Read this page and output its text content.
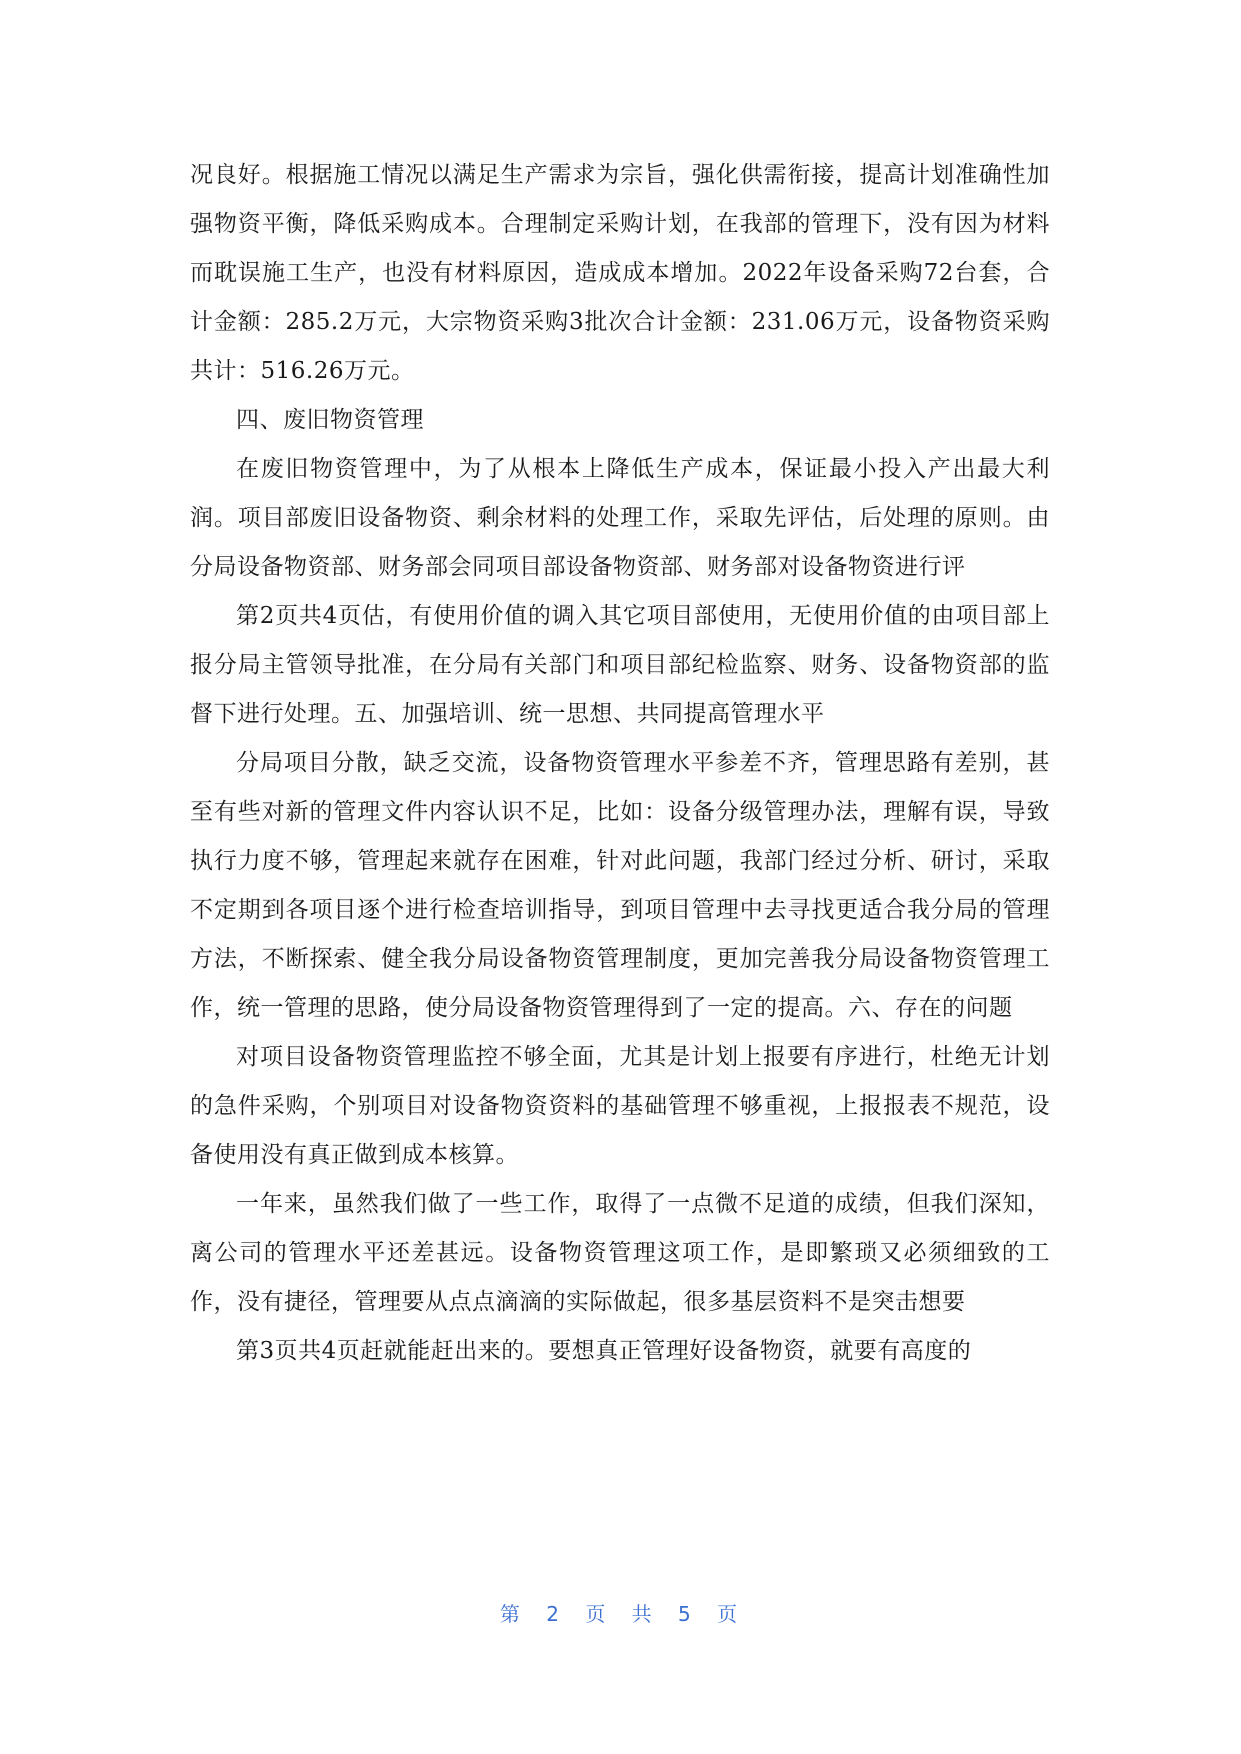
况良好。根据施工情况以满足生产需求为宗旨，强化供需衔接，提高计划准确性加强物资平衡，降低采购成本。合理制定采购计划，在我部的管理下，没有因为材料而耽误施工生产，也没有材料原因，造成成本增加。2022年设备采购72台套，合计金额：285.2万元，大宗物资采购3批次合计金额：231.06万元，设备物资采购共计：516.26万元。

四、废旧物资管理

在废旧物资管理中，为了从根本上降低生产成本，保证最小投入产出最大利润。项目部废旧设备物资、剩余材料的处理工作，采取先评估，后处理的原则。由分局设备物资部、财务部会同项目部设备物资部、财务部对设备物资进行评

第2页共4页估，有使用价值的调入其它项目部使用，无使用价值的由项目部上报分局主管领导批准，在分局有关部门和项目部纪检监察、财务、设备物资部的监督下进行处理。五、加强培训、统一思想、共同提高管理水平

分局项目分散，缺乏交流，设备物资管理水平参差不齐，管理思路有差别，甚至有些对新的管理文件内容认识不足，比如：设备分级管理办法，理解有误，导致执行力度不够，管理起来就存在困难，针对此问题，我部门经过分析、研讨，采取不定期到各项目逐个进行检查培训指导，到项目管理中去寻找更适合我分局的管理方法，不断探索、健全我分局设备物资管理制度，更加完善我分局设备物资管理工作，统一管理的思路，使分局设备物资管理得到了一定的提高。六、存在的问题

对项目设备物资管理监控不够全面，尤其是计划上报要有序进行，杜绝无计划的急件采购，个别项目对设备物资资料的基础管理不够重视，上报报表不规范，设备使用没有真正做到成本核算。

一年来，虽然我们做了一些工作，取得了一点微不足道的成绩，但我们深知，离公司的管理水平还差甚远。设备物资管理这项工作，是即繁琐又必须细致的工作，没有捷径，管理要从点点滴滴的实际做起，很多基层资料不是突击想要

第3页共4页赶就能赶出来的。要想真正管理好设备物资，就要有高度的

第 2 页 共 5 页
